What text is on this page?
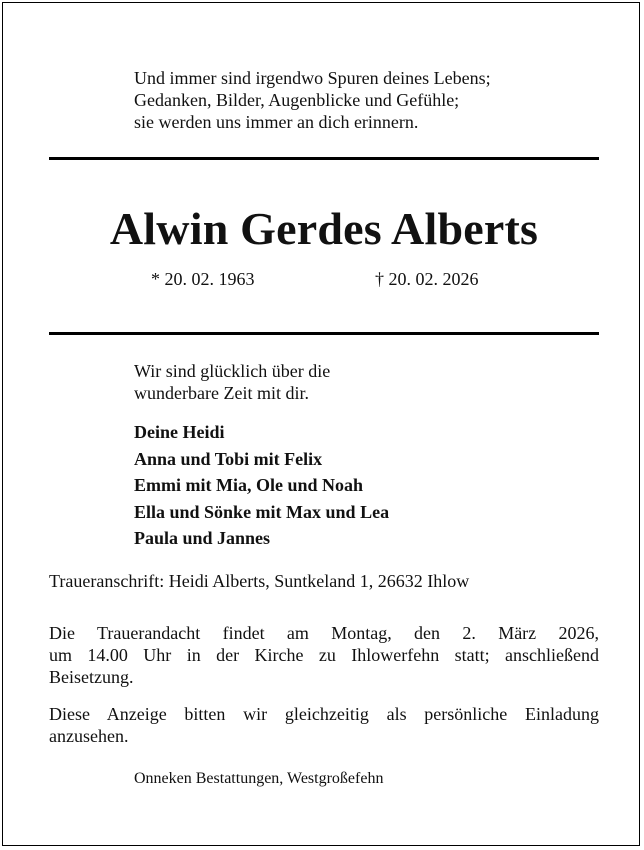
Und immer sind irgendwo Spuren deines Lebens;
Gedanken, Bilder, Augenblicke und Gefühle;
sie werden uns immer an dich erinnern.
Alwin Gerdes Alberts
* 20. 02. 1963	† 20. 02. 2026
Wir sind glücklich über die
wunderbare Zeit mit dir.
Deine Heidi
Anna und Tobi mit Felix
Emmi mit Mia, Ole und Noah
Ella und Sönke mit Max und Lea
Paula und Jannes
Traueranschrift: Heidi Alberts, Suntkeland 1, 26632 Ihlow
Die Trauerandacht findet am Montag, den 2. März 2026,
um 14.00 Uhr in der Kirche zu Ihlowerfehn statt; anschließend
Beisetzung.
Diese Anzeige bitten wir gleichzeitig als persönliche Einladung
anzusehen.
Onneken Bestattungen, Westgroßefehn
